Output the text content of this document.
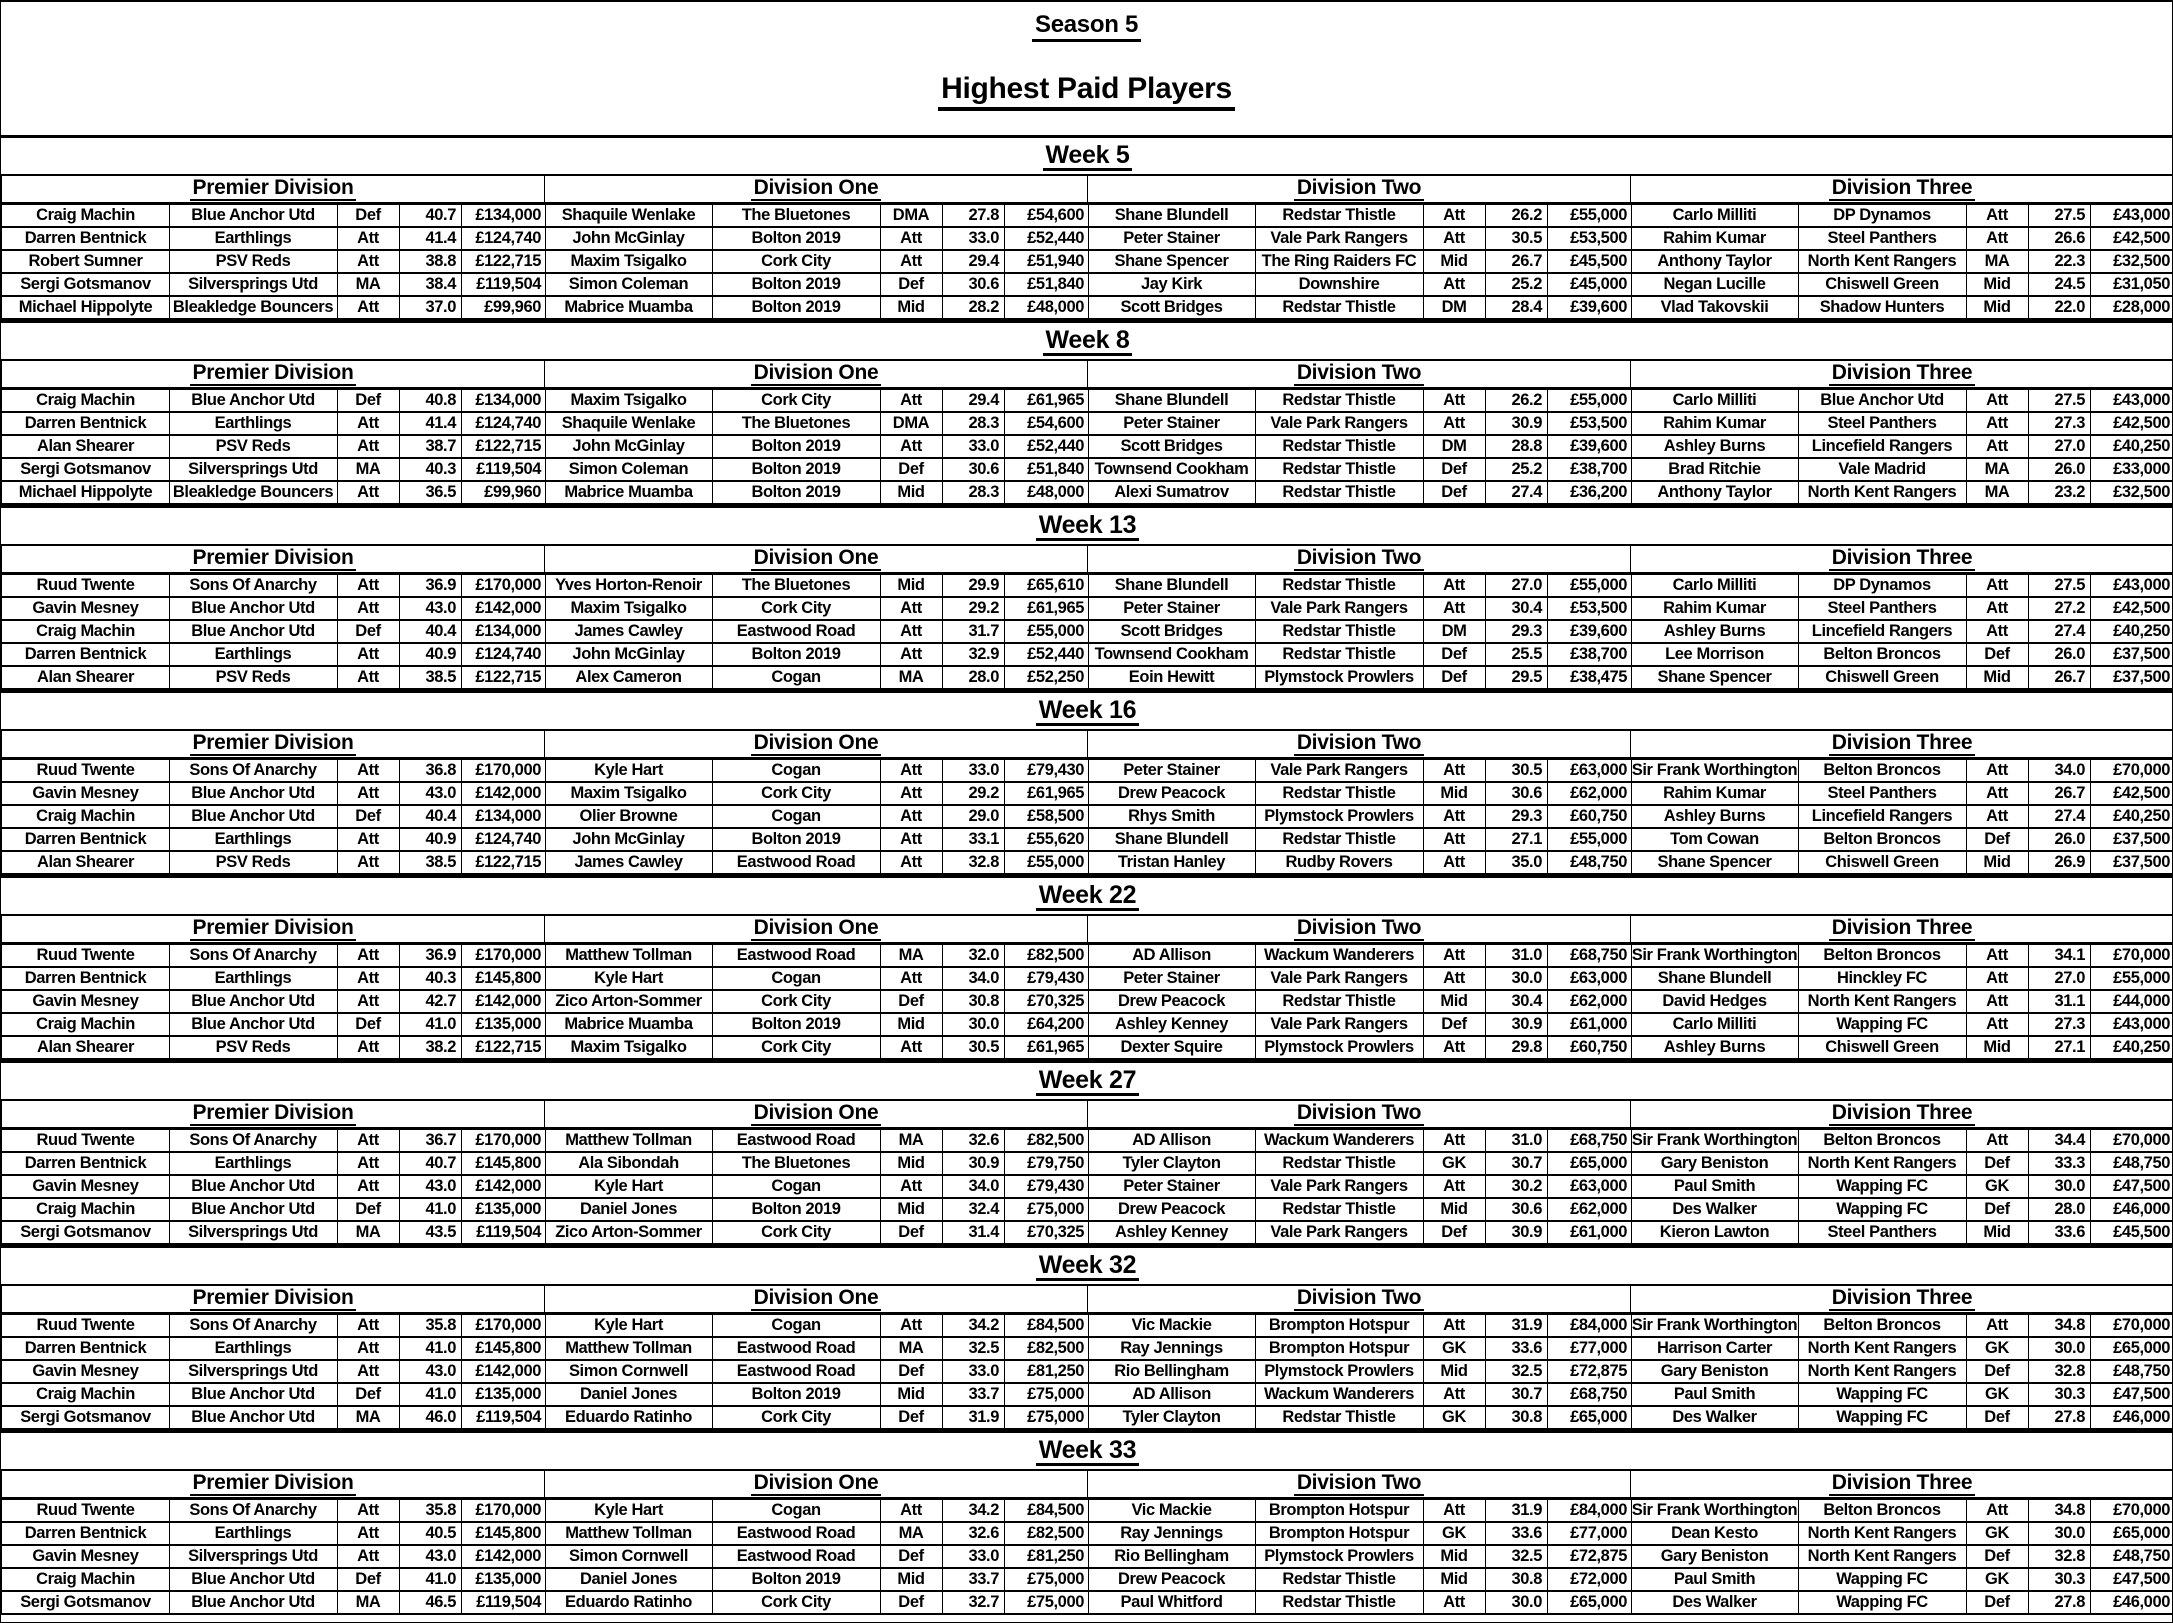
Season 5
Highest Paid Players
Week 5
Premier Division	Division One	Division Two	Division Three
Craig Machin	Blue Anchor Utd	Def	40.7	£134,000	Shaquile Wenlake	The Bluetones	DMA	27.8	£54,600	Shane Blundell	Redstar Thistle	Att	26.2	£55,000	Carlo Milliti	DP Dynamos	Att	27.5	£43,000
Darren Bentnick	Earthlings	Att	41.4	£124,740	John McGinlay	Bolton 2019	Att	33.0	£52,440	Peter Stainer	Vale Park Rangers	Att	30.5	£53,500	Rahim Kumar	Steel Panthers	Att	26.6	£42,500
Robert Sumner	PSV Reds	Att	38.8	£122,715	Maxim Tsigalko	Cork City	Att	29.4	£51,940	Shane Spencer	The Ring Raiders FC	Mid	26.7	£45,500	Anthony Taylor	North Kent Rangers	MA	22.3	£32,500
Sergi Gotsmanov	Silversprings Utd	MA	38.4	£119,504	Simon Coleman	Bolton 2019	Def	30.6	£51,840	Jay Kirk	Downshire	Att	25.2	£45,000	Negan Lucille	Chiswell Green	Mid	24.5	£31,050
Michael Hippolyte	Bleakledge Bouncers	Att	37.0	£99,960	Mabrice Muamba	Bolton 2019	Mid	28.2	£48,000	Scott Bridges	Redstar Thistle	DM	28.4	£39,600	Vlad Takovskii	Shadow Hunters	Mid	22.0	£28,000
Week 8
Premier Division	Division One	Division Two	Division Three
Craig Machin	Blue Anchor Utd	Def	40.8	£134,000	Maxim Tsigalko	Cork City	Att	29.4	£61,965	Shane Blundell	Redstar Thistle	Att	26.2	£55,000	Carlo Milliti	Blue Anchor Utd	Att	27.5	£43,000
Darren Bentnick	Earthlings	Att	41.4	£124,740	Shaquile Wenlake	The Bluetones	DMA	28.3	£54,600	Peter Stainer	Vale Park Rangers	Att	30.9	£53,500	Rahim Kumar	Steel Panthers	Att	27.3	£42,500
Alan Shearer	PSV Reds	Att	38.7	£122,715	John McGinlay	Bolton 2019	Att	33.0	£52,440	Scott Bridges	Redstar Thistle	DM	28.8	£39,600	Ashley Burns	Lincefield Rangers	Att	27.0	£40,250
Sergi Gotsmanov	Silversprings Utd	MA	40.3	£119,504	Simon Coleman	Bolton 2019	Def	30.6	£51,840 Townsend Cookham	Redstar Thistle	Def	25.2	£38,700	Brad Ritchie	Vale Madrid	MA	26.0	£33,000
Michael Hippolyte	Bleakledge Bouncers	Att	36.5	£99,960	Mabrice Muamba	Bolton 2019	Mid	28.3	£48,000	Alexi Sumatrov	Redstar Thistle	Def	27.4	£36,200	Anthony Taylor	North Kent Rangers	MA	23.2	£32,500
Week 13
Premier Division	Division One	Division Two	Division Three
Ruud Twente	Sons Of Anarchy	Att	36.9	£170,000 Yves Horton-Renoir	The Bluetones	Mid	29.9	£65,610	Shane Blundell	Redstar Thistle	Att	27.0	£55,000	Carlo Milliti	DP Dynamos	Att	27.5	£43,000
Gavin Mesney	Blue Anchor Utd	Att	43.0	£142,000	Maxim Tsigalko	Cork City	Att	29.2	£61,965	Peter Stainer	Vale Park Rangers	Att	30.4	£53,500	Rahim Kumar	Steel Panthers	Att	27.2	£42,500
Craig Machin	Blue Anchor Utd	Def	40.4	£134,000	James Cawley	Eastwood Road	Att	31.7	£55,000	Scott Bridges	Redstar Thistle	DM	29.3	£39,600	Ashley Burns	Lincefield Rangers	Att	27.4	£40,250
Darren Bentnick	Earthlings	Att	40.9	£124,740	John McGinlay	Bolton 2019	Att	32.9	£52,440 Townsend Cookham	Redstar Thistle	Def	25.5	£38,700	Lee Morrison	Belton Broncos	Def	26.0	£37,500
Alan Shearer	PSV Reds	Att	38.5	£122,715	Alex Cameron	Cogan	MA	28.0	£52,250	Eoin Hewitt	Plymstock Prowlers	Def	29.5	£38,475	Shane Spencer	Chiswell Green	Mid	26.7	£37,500
Week 16
Premier Division	Division One	Division Two	Division Three
Ruud Twente	Sons Of Anarchy	Att	36.8	£170,000	Kyle Hart	Cogan	Att	33.0	£79,430	Peter Stainer	Vale Park Rangers	Att	30.5	£63,000 Sir Frank Worthington	Belton Broncos	Att	34.0	£70,000
Gavin Mesney	Blue Anchor Utd	Att	43.0	£142,000	Maxim Tsigalko	Cork City	Att	29.2	£61,965	Drew Peacock	Redstar Thistle	Mid	30.6	£62,000	Rahim Kumar	Steel Panthers	Att	26.7	£42,500
Craig Machin	Blue Anchor Utd	Def	40.4	£134,000	Olier Browne	Cogan	Att	29.0	£58,500	Rhys Smith	Plymstock Prowlers	Att	29.3	£60,750	Ashley Burns	Lincefield Rangers	Att	27.4	£40,250
Darren Bentnick	Earthlings	Att	40.9	£124,740	John McGinlay	Bolton 2019	Att	33.1	£55,620	Shane Blundell	Redstar Thistle	Att	27.1	£55,000	Tom Cowan	Belton Broncos	Def	26.0	£37,500
Alan Shearer	PSV Reds	Att	38.5	£122,715	James Cawley	Eastwood Road	Att	32.8	£55,000	Tristan Hanley	Rudby Rovers	Att	35.0	£48,750	Shane Spencer	Chiswell Green	Mid	26.9	£37,500
Week 22
Premier Division	Division One	Division Two	Division Three
Ruud Twente	Sons Of Anarchy	Att	36.9	£170,000	Matthew Tollman	Eastwood Road	MA	32.0	£82,500	AD Allison	Wackum Wanderers	Att	31.0	£68,750 Sir Frank Worthington	Belton Broncos	Att	34.1	£70,000
Darren Bentnick	Earthlings	Att	40.3	£145,800	Kyle Hart	Cogan	Att	34.0	£79,430	Peter Stainer	Vale Park Rangers	Att	30.0	£63,000	Shane Blundell	Hinckley FC	Att	27.0	£55,000
Gavin Mesney	Blue Anchor Utd	Att	42.7	£142,000 Zico Arton-Sommer	Cork City	Def	30.8	£70,325	Drew Peacock	Redstar Thistle	Mid	30.4	£62,000	David Hedges	North Kent Rangers	Att	31.1	£44,000
Craig Machin	Blue Anchor Utd	Def	41.0	£135,000	Mabrice Muamba	Bolton 2019	Mid	30.0	£64,200	Ashley Kenney	Vale Park Rangers	Def	30.9	£61,000	Carlo Milliti	Wapping FC	Att	27.3	£43,000
Alan Shearer	PSV Reds	Att	38.2	£122,715	Maxim Tsigalko	Cork City	Att	30.5	£61,965	Dexter Squire	Plymstock Prowlers	Att	29.8	£60,750	Ashley Burns	Chiswell Green	Mid	27.1	£40,250
Week 27
Premier Division	Division One	Division Two	Division Three
Ruud Twente	Sons Of Anarchy	Att	36.7	£170,000	Matthew Tollman	Eastwood Road	MA	32.6	£82,500	AD Allison	Wackum Wanderers	Att	31.0	£68,750 Sir Frank Worthington	Belton Broncos	Att	34.4	£70,000
Darren Bentnick	Earthlings	Att	40.7	£145,800	Ala Sibondah	The Bluetones	Mid	30.9	£79,750	Tyler Clayton	Redstar Thistle	GK	30.7	£65,000	Gary Beniston	North Kent Rangers	Def	33.3	£48,750
Gavin Mesney	Blue Anchor Utd	Att	43.0	£142,000	Kyle Hart	Cogan	Att	34.0	£79,430	Peter Stainer	Vale Park Rangers	Att	30.2	£63,000	Paul Smith	Wapping FC	GK	30.0	£47,500
Craig Machin	Blue Anchor Utd	Def	41.0	£135,000	Daniel Jones	Bolton 2019	Mid	32.4	£75,000	Drew Peacock	Redstar Thistle	Mid	30.6	£62,000	Des Walker	Wapping FC	Def	28.0	£46,000
Sergi Gotsmanov	Silversprings Utd	MA	43.5	£119,504 Zico Arton-Sommer	Cork City	Def	31.4	£70,325	Ashley Kenney	Vale Park Rangers	Def	30.9	£61,000	Kieron Lawton	Steel Panthers	Mid	33.6	£45,500
Week 32
Premier Division	Division One	Division Two	Division Three
Ruud Twente	Sons Of Anarchy	Att	35.8	£170,000	Kyle Hart	Cogan	Att	34.2	£84,500	Vic Mackie	Brompton Hotspur	Att	31.9	£84,000 Sir Frank Worthington	Belton Broncos	Att	34.8	£70,000
Darren Bentnick	Earthlings	Att	41.0	£145,800	Matthew Tollman	Eastwood Road	MA	32.5	£82,500	Ray Jennings	Brompton Hotspur	GK	33.6	£77,000	Harrison Carter	North Kent Rangers	GK	30.0	£65,000
Gavin Mesney	Silversprings Utd	Att	43.0	£142,000	Simon Cornwell	Eastwood Road	Def	33.0	£81,250	Rio Bellingham	Plymstock Prowlers	Mid	32.5	£72,875	Gary Beniston	North Kent Rangers	Def	32.8	£48,750
Craig Machin	Blue Anchor Utd	Def	41.0	£135,000	Daniel Jones	Bolton 2019	Mid	33.7	£75,000	AD Allison	Wackum Wanderers	Att	30.7	£68,750	Paul Smith	Wapping FC	GK	30.3	£47,500
Sergi Gotsmanov	Blue Anchor Utd	MA	46.0	£119,504	Eduardo Ratinho	Cork City	Def	31.9	£75,000	Tyler Clayton	Redstar Thistle	GK	30.8	£65,000	Des Walker	Wapping FC	Def	27.8	£46,000
Week 33
Premier Division	Division One	Division Two	Division Three
Ruud Twente	Sons Of Anarchy	Att	35.8	£170,000	Kyle Hart	Cogan	Att	34.2	£84,500	Vic Mackie	Brompton Hotspur	Att	31.9	£84,000 Sir Frank Worthington	Belton Broncos	Att	34.8	£70,000
Darren Bentnick	Earthlings	Att	40.5	£145,800	Matthew Tollman	Eastwood Road	MA	32.6	£82,500	Ray Jennings	Brompton Hotspur	GK	33.6	£77,000	Dean Kesto	North Kent Rangers	GK	30.0	£65,000
Gavin Mesney	Silversprings Utd	Att	43.0	£142,000	Simon Cornwell	Eastwood Road	Def	33.0	£81,250	Rio Bellingham	Plymstock Prowlers	Mid	32.5	£72,875	Gary Beniston	North Kent Rangers	Def	32.8	£48,750
Craig Machin	Blue Anchor Utd	Def	41.0	£135,000	Daniel Jones	Bolton 2019	Mid	33.7	£75,000	Drew Peacock	Redstar Thistle	Mid	30.8	£72,000	Paul Smith	Wapping FC	GK	30.3	£47,500
Sergi Gotsmanov	Blue Anchor Utd	MA	46.5	£119,504	Eduardo Ratinho	Cork City	Def	32.7	£75,000	Paul Whitford	Redstar Thistle	Att	30.0	£65,000	Des Walker	Wapping FC	Def	27.8	£46,000
